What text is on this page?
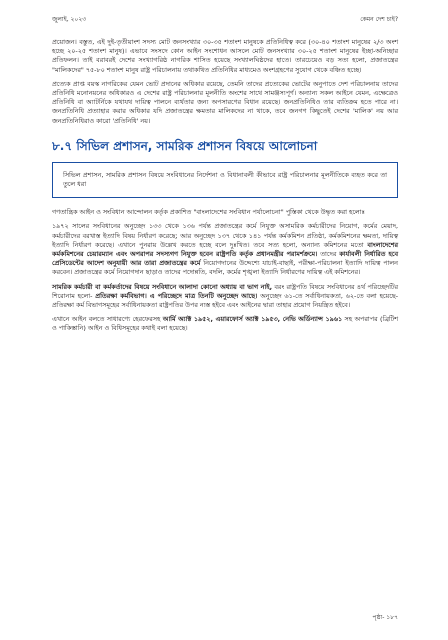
জুলাই, ২০২৩	কেমন দেশ চাই?

প্রয়োজন। বস্তুত, এই দুই-তৃতীয়াংশ সদস্য মোট জনসংখ্যার ৩০-৩৫ শতাংশ মানুষকে প্রতিনিধিত্ব করে (৩০-৪০ শতাংশ মানুষের ২/৩ অংশ হচ্ছে ২০-২৫ শতাংশ মানুষ)। এভাবে সংসদে কোন আইন সংশোধন আসলে মোট জনসংখ্যার ৩০-২৫ শতাংশ মানুষের ইচ্ছা-অনিচ্ছার প্রতিফলন। তাই বরাবরই দেশের সংখ্যাগরিষ্ঠ নাগরিক শাসিত হয়েছে সংখ্যালঘিষ্ঠদের হাতে। তারচেয়েও বড় সত্য হলো, প্রজাতন্ত্রের "মালিকদের" ৭৫-৮০ শতাংশ মানুষ রাষ্ট্র পরিচালনায় তথাকথিত প্রতিনিধির মাধ্যমেও অংশগ্রহণের সুযোগ থেকে বঞ্চিত হচ্ছে।

প্রত্যেক প্রাপ্ত বয়স্ক নাগরিকের যেমন ভোট প্রদানের অধিকার রয়েছে, তেমনি তাদের প্রত্যেকের ভোটের অনুপাতে দেশ পরিচালনায় তাদের প্রতিনিধি মনোনয়নের অধিকারও এ দেশের রাষ্ট্র পরিচালনার মূলনীতি অংশের সাথে সামঞ্জস্যপূর্ণ। অন্যান্য সকল আইনে যেমন, এক্ষেত্রেও প্রতিনিধি বা অ্যাটর্নিকে যথাযথ দায়িত্ব পালনে ব্যর্থতার জন্য অপসারণের বিধান রয়েছে। জনপ্রতিনিধিও তার ব্যতিক্রম হতে পারে না। জনপ্রতিনিধি প্রত্যাহার করার অধিকার যদি প্রজাতন্ত্রের ক্ষমতার মালিকদের না থাকে, তবে জনগণ কিছুতেই দেশের 'মালিক' নয় আর জনপ্রতিনিধিরাও কারো 'প্রতিনিধি' নয়।

৮.৭ সিভিল প্রশাসন, সামরিক প্রশাসন বিষয়ে আলোচনা

সিভিল প্রশাসন, সামরিক প্রশাসন বিষয়ে সংবিধানের নির্দেশনা ও বিধানাবলী কীভাবে রাষ্ট্র পরিচালনার মূলনীতিকে ব্যহত করে তা তুলে ধরা

গণতান্ত্রিক আইন ও সংবিধান আন্দোলন কর্তৃক প্রকাশিত "বাংলাদেশের সংবিধান পর্যালোচনা" পুস্তিকা থেকে উদ্ধৃত করা হলোঃ

১৯৭২ সালের সংবিধানের অনুচ্ছেদ ১৩৩ থেকে ১৩৬ পর্যন্ত প্রজাতন্ত্রের কর্মে নিযুক্ত অসামরিক কর্মচারীদের নিয়োগ, কর্মের মেয়াদ, কর্মচারীদের বরখাস্ত ইত্যাদি বিষয় নির্ধারণ করেছে; আর অনুচ্ছেদ ১৩৭ থেকে ১৪১ পর্যন্ত কর্মকমিশন প্রতিষ্ঠা, কর্মকমিশনের ক্ষমতা, দায়িত্ব ইত্যাদি নির্ধারণ করেছে। এখানে পুনরায় উল্লেখ করতে হচ্ছে বলে দুঃখিত। তবে সত্য হলো, অন্যান্য কমিশনের মতো বাংলাদেশের কর্মকমিশনের চেয়ারম্যান এবং অপরাপর সদস্যগণ নিযুক্ত হবেন রাষ্ট্রপতি কর্তৃক প্রধানমন্ত্রীর পরামর্শক্রমে। তাদের কার্যাবলী নির্ধারিত হবে প্রেসিডেন্টের আদেশ অনুযায়ী আর তারা প্রজাতন্ত্রের কর্মে নিয়োগদানের উদ্দেশ্যে যাচাই-বাছাই, পরীক্ষা-পরিচালনা ইত্যাদি দায়িত্ব পালন করবেন। প্রজাতন্ত্রের কর্মে নিয়োগদান ছাড়াও তাদের পদোন্নতি, বদলি, কর্মের শৃঙ্খলা ইত্যাদি নির্ধারণের দায়িত্ব এই কমিশনের।

সামরিক কর্মচারী বা কর্মকর্তাদের বিষয়ে সংবিধানে আলাদা কোনো অধ্যায় বা ভাগ নাই, বরং রাষ্ট্রপতি বিষয়ে সংবিধানের ৪র্থ পরিচ্ছেদটির শিরোনাম হলো- প্রতিরক্ষা কর্মবিভাগ। এ পরিচ্ছেদে মাত্র তিনটি অনুচ্ছেদ আছে। অনুচ্ছেদ ৬১-তে সর্বাধিনায়কতা, ৬২-তে বলা হয়েছে- প্রতিরক্ষা কর্ম বিভাগসমূহের সর্বাধিনায়কতা রাষ্ট্রপতির উপর ন্যস্ত হইবে এবং আইনের দ্বারা তাহার প্রয়োগ নিয়ন্ত্রিত হইবে।

এখানে আইন বলতে সাধারণ্যে হেরফেরসহ আর্মি অ্যাক্ট ১৯৫২, এয়ারফোর্স অ্যাক্ট ১৯৫৩, নেভি অর্ডিন্যান্স ১৯৬১ সহ অপরাপর (ব্রিটিশ ও পাকিস্তানি) আইন ও বিধিসমূহের কথাই বলা হয়েছে।

পৃষ্ঠা- ১৮৭
